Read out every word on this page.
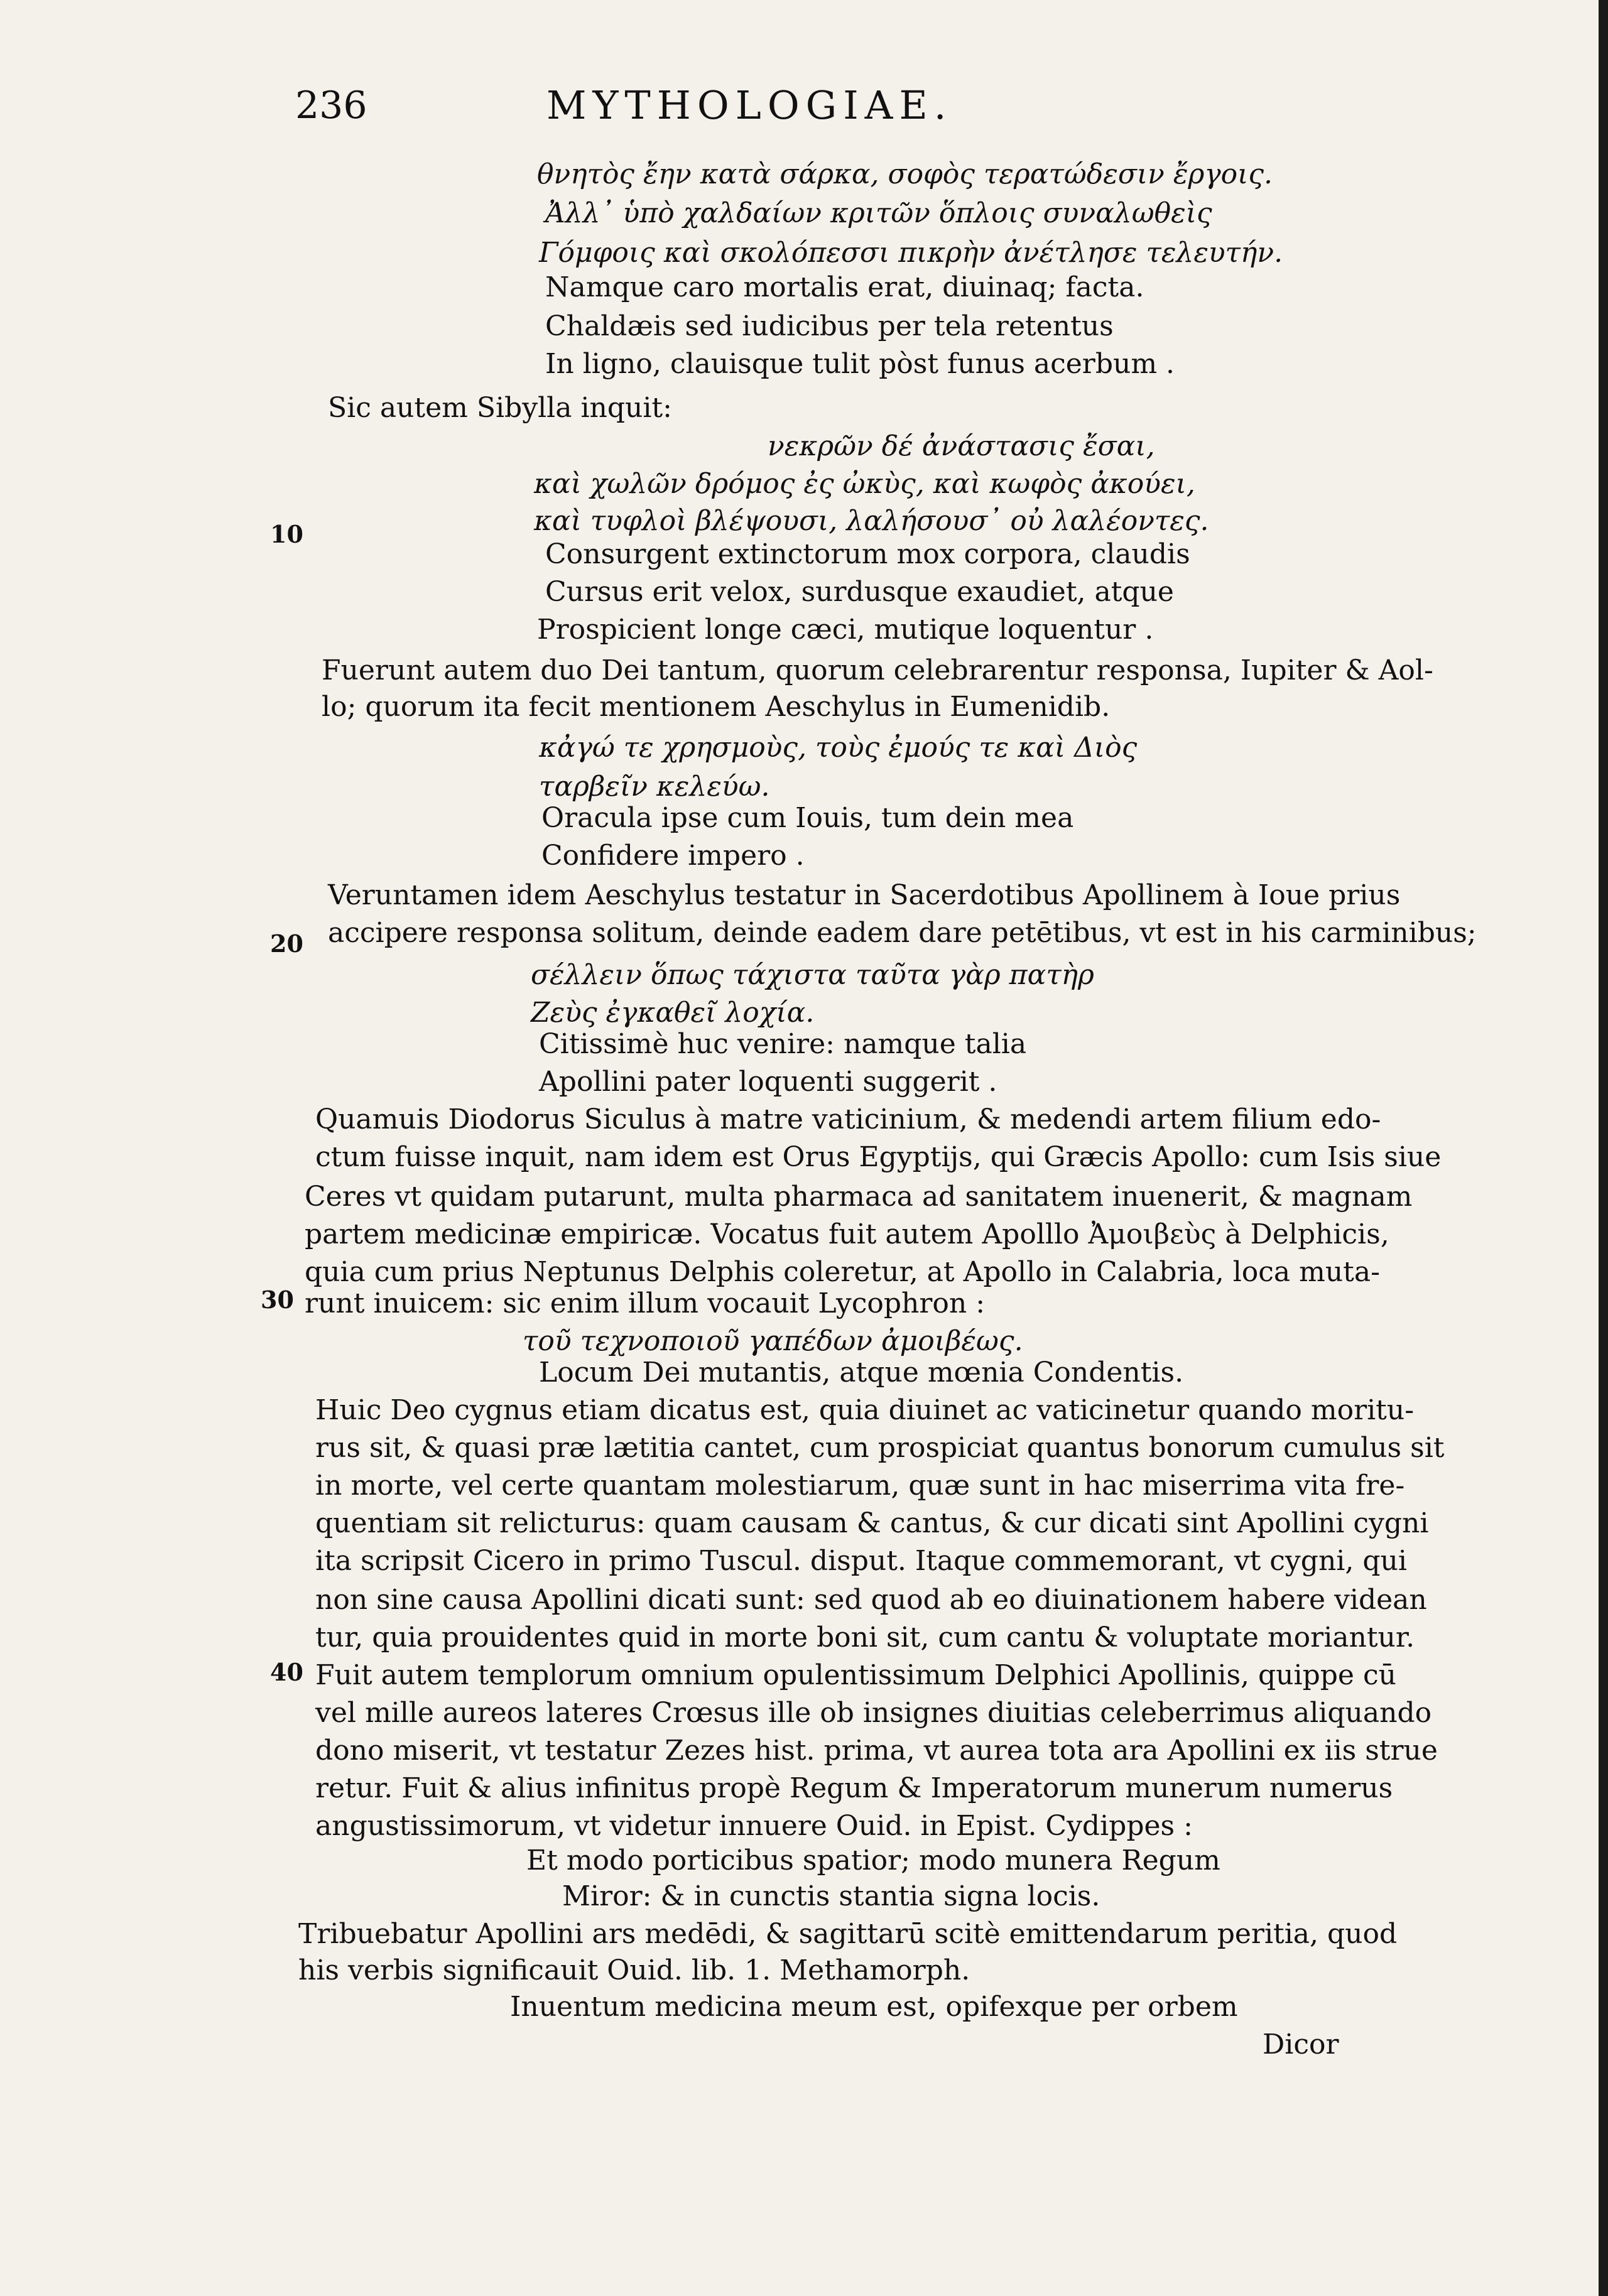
236	MYTHOLOGIAE.
10
20
30
40
θνητὸς ἔην κατὰ σάρκα, σοφὸς τερατώδεσιν ἔργοις.
Ἀλλ᾽ ὑπὸ χαλδαίων κριτῶν ὅπλοις συναλωθεὶς
Γόμφοις καὶ σκολόπεσσι πικρὴν ἀνέτλησε τελευτήν.
Namque caro mortalis erat, diuinaq; facta.
Chaldæis sed iudicibus per tela retentus
In ligno, clauisque tulit pòst funus acerbum .
Sic autem Sibylla inquit:
νεκρῶν δέ ἀνάστασις ἔσαι,
καὶ χωλῶν δρόμος ἐς ὠκὺς, καὶ κωφὸς ἀκούει,
καὶ τυφλοὶ βλέψουσι, λαλήσουσ᾽ οὐ λαλέοντες.
Consurgent extinctorum mox corpora, claudis
Cursus erit velox, surdusque exaudiet, atque
Prospicient longe cæci, mutique loquentur .
Fuerunt autem duo Dei tantum, quorum celebrarentur responsa, Iupiter & Aol-
lo; quorum ita fecit mentionem Aeschylus in Eumenidib.
κἀγώ τε χρησμοὺς, τοὺς ἐμούς τε καὶ Διὸς
ταρβεῖν κελεύω.
Oracula ipse cum Iouis, tum dein mea
Confidere impero .
Veruntamen idem Aeschylus testatur in Sacerdotibus Apollinem à Ioue prius
accipere responsa solitum, deinde eadem dare petētibus, vt est in his carminibus;
σέλλειν ὅπως τάχιστα ταῦτα γὰρ πατὴρ
Ζεὺς ἐγκαθεῖ λοχία.
Citissimè huc venire: namque talia
Apollini pater loquenti suggerit .
Quamuis Diodorus Siculus à matre vaticinium, & medendi artem filium edo-
ctum fuisse inquit, nam idem est Orus Egyptijs, qui Græcis Apollo: cum Isis siue
Ceres vt quidam putarunt, multa pharmaca ad sanitatem inuenerit, & magnam
partem medicinæ empiricæ. Vocatus fuit autem Apolllo Ἀμοιβεὺς à Delphicis,
quia cum prius Neptunus Delphis coleretur, at Apollo in Calabria, loca muta-
runt inuicem: sic enim illum vocauit Lycophron :
τοῦ τεχνοποιοῦ γαπέδων ἀμοιβέως.
Locum Dei mutantis, atque mœnia Condentis.
Huic Deo cygnus etiam dicatus est, quia diuinet ac vaticinetur quando moritu-
rus sit, & quasi præ lætitia cantet, cum prospiciat quantus bonorum cumulus sit
in morte, vel certe quantam molestiarum, quæ sunt in hac miserrima vita fre-
quentiam sit relicturus: quam causam & cantus, & cur dicati sint Apollini cygni
ita scripsit Cicero in primo Tuscul. disput. Itaque commemorant, vt cygni, qui
non sine causa Apollini dicati sunt: sed quod ab eo diuinationem habere videan
tur, quia prouidentes quid in morte boni sit, cum cantu & voluptate moriantur.
Fuit autem templorum omnium opulentissimum Delphici Apollinis, quippe cū
vel mille aureos lateres Crœsus ille ob insignes diuitias celeberrimus aliquando
dono miserit, vt testatur Zezes hist. prima, vt aurea tota ara Apollini ex iis strue
retur. Fuit & alius infinitus propè Regum & Imperatorum munerum numerus
angustissimorum, vt videtur innuere Ouid. in Epist. Cydippes :
Et modo porticibus spatior; modo munera Regum
Miror: & in cunctis stantia signa locis.
Tribuebatur Apollini ars medēdi, & sagittarū scitè emittendarum peritia, quod
his verbis significauit Ouid. lib. 1. Methamorph.
Inuentum medicina meum est, opifexque per orbem
Dicor
